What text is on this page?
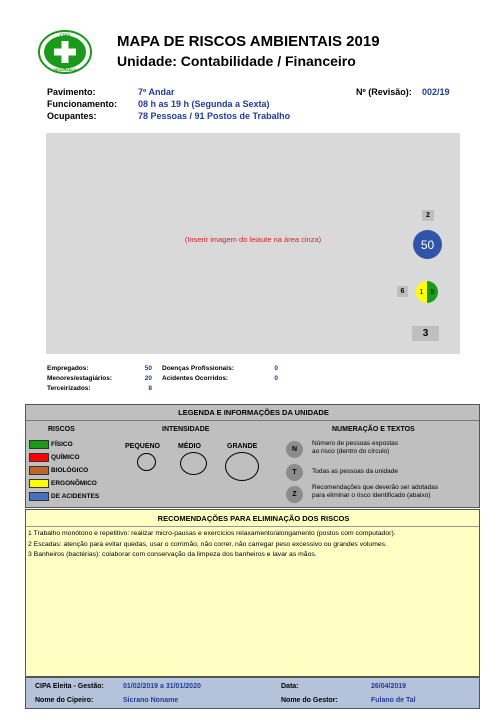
CIPA
SEGURANÇA
MAPA DE RISCOS AMBIENTAIS 2019
Unidade: Contabilidade / Financeiro
Pavimento:	7º Andar
Funcionamento: 08 h as 19 h (Segunda a Sexta)
Ocupantes:	78 Pessoas / 91 Postos de Trabalho
Nº (Revisão): 002/19
(Inserir imagem do leiaute na área cinza)
2
50
6	1	5
3
Empregados:	50
Menores/estagiários:	20
Terceirizados:	8
Doenças Profissionais:	0
Acidentes Ocorridos:	0
LEGENDA E INFORMAÇÕES DA UNIDADE
RISCOS	INTENSIDADE	NUMERAÇÃO E TEXTOS
FÍSICO
QUÍMICO
BIOLÓGICO
ERGONÔMICO
DE ACIDENTES
PEQUENO	MÉDIO	GRANDE	N
Número de pessoas expostas
ao risco (dentro do círculo)
T	Todas as pessoas da unidade
Z
Recomendações que deverão ser adotadas
para eliminar o risco identificado (abaixo)
RECOMENDAÇÕES PARA ELIMINAÇÃO DOS RISCOS
1 Trabalho monótono e repetitivo: realizar micro-pausas e exercícios relaxamento/alongamento (postos com computador).
2 Escadas: atenção para evitar quedas, usar o corrimão, não correr, não carregar peso excessivo ou grandes volumes.
3 Banheiros (bactérias): colaborar com conservação da limpeza dos banheiros e lavar as mãos.
CIPA Eleita - Gestão:	01/02/2019 a 31/01/2020	Data:	26/04/2019
Nome do Cipeiro:	Sicrano Noname	Nome do Gestor:	Fulano de Tal
